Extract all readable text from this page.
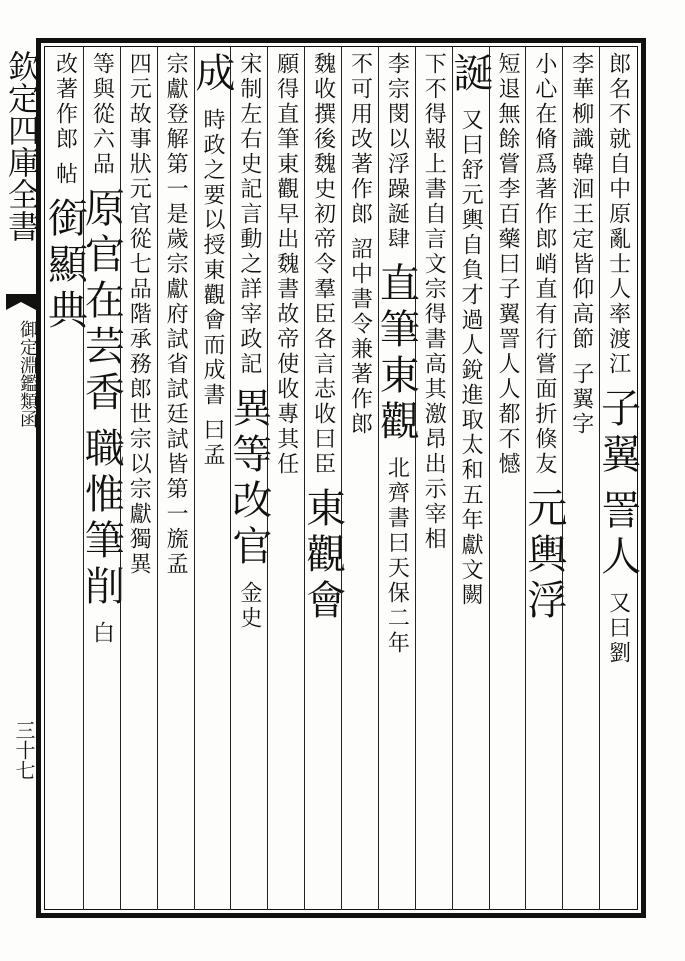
欽定四庫全書
御定淵鑑類函
三十七
郎名不就自中原亂士人率渡江
子翼
詈人
又曰劉
李華柳識韓洄王定皆仰高節
子翼字
小心在脩爲著作郎峭直有行嘗面折倏友
元輿浮
短退無餘嘗李百藥曰子翼詈人人都不憾
誕
又曰舒元輿自負才過人銳進取太和五年獻文闕
下不得報上書自言文宗得書高其激昂出示宰相
李宗閔以浮躁誕肆
直筆東觀
北齊書曰天保二年
不可用改著作郎
詔中書令兼著作郎
魏收撰後魏史初帝令羣臣各言志收曰臣
東觀會
願得直筆東觀早出魏書故帝使收專其任
宋制左右史記言動之詳宰政記
異等改官
金史
成
時政之要以授東觀會而成書
曰孟
宗獻登解第一是歲宗獻府試省試廷試皆第一旒孟
四元故事狀元官從七品階承務郎世宗以宗獻獨異
等與從六品
原官在芸香
職惟筆削
白
改著作郎
帖
銜顯典
